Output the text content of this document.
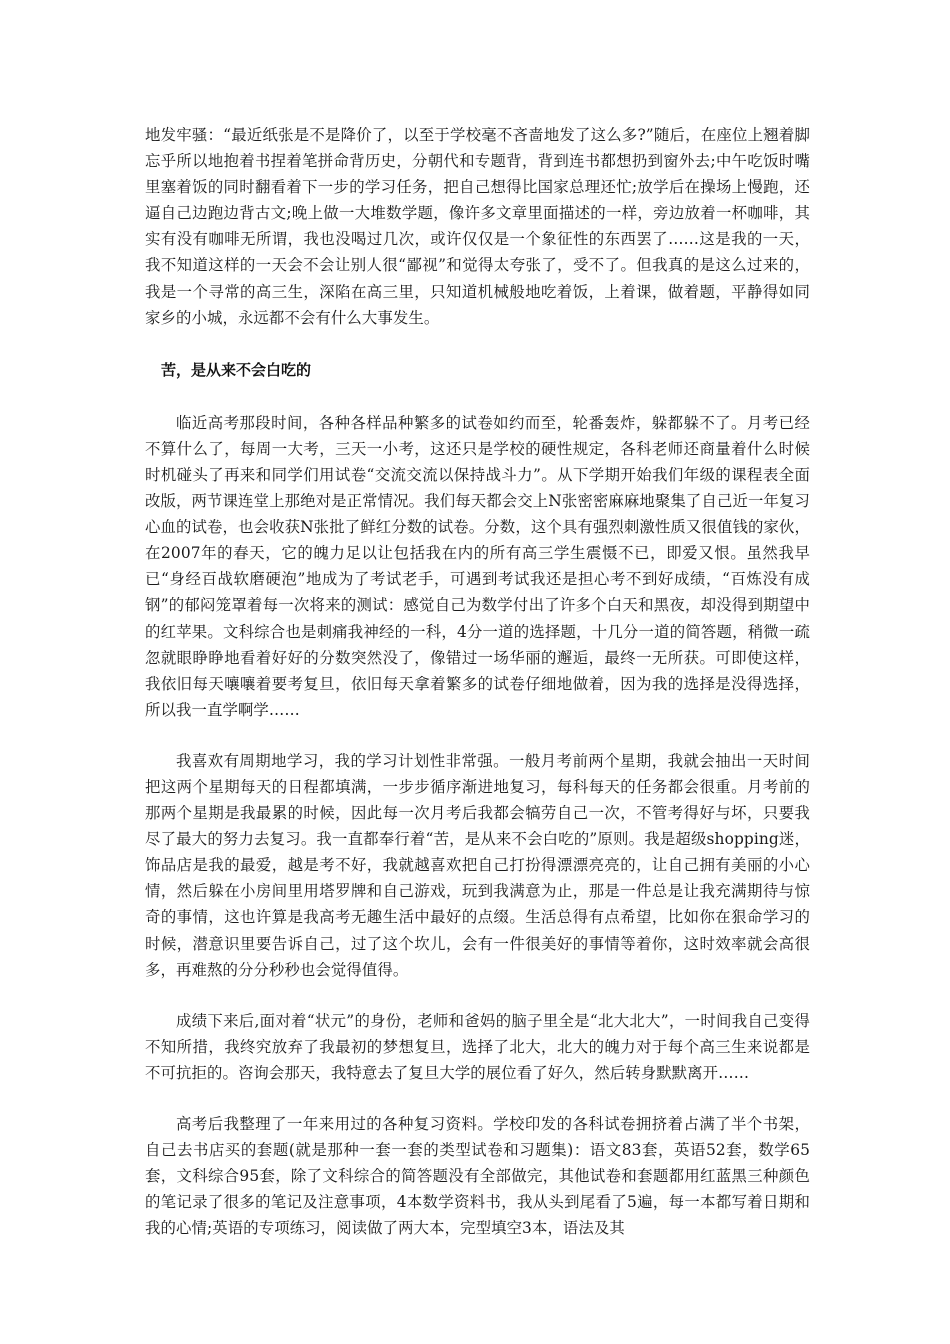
地发牢骚：“最近纸张是不是降价了，以至于学校毫不吝啬地发了这么多?”随后，在座位上翘着脚忘乎所以地抱着书捏着笔拼命背历史，分朝代和专题背，背到连书都想扔到窗外去;中午吃饭时嘴里塞着饭的同时翻看着下一步的学习任务，把自己想得比国家总理还忙;放学后在操场上慢跑，还逼自己边跑边背古文;晚上做一大堆数学题，像许多文章里面描述的一样，旁边放着一杯咖啡，其实有没有咖啡无所谓，我也没喝过几次，或许仅仅是一个象征性的东西罢了……这是我的一天，我不知道这样的一天会不会让别人很“鄙视”和觉得太夸张了，受不了。但我真的是这么过来的，我是一个寻常的高三生，深陷在高三里，只知道机械般地吃着饭，上着课，做着题，平静得如同家乡的小城，永远都不会有什么大事发生。

苦，是从来不会白吃的

临近高考那段时间，各种各样品种繁多的试卷如约而至，轮番轰炸，躲都躲不了。月考已经不算什么了，每周一大考，三天一小考，这还只是学校的硬性规定，各科老师还商量着什么时候时机碰头了再来和同学们用试卷“交流交流以保持战斗力”。从下学期开始我们年级的课程表全面改版，两节课连堂上那绝对是正常情况。我们每天都会交上N张密密麻麻地聚集了自己近一年复习心血的试卷，也会收获N张批了鲜红分数的试卷。分数，这个具有强烈刺激性质又很值钱的家伙，在2007年的春天，它的魄力足以让包括我在内的所有高三学生震慑不已，即爱又恨。虽然我早已“身经百战软磨硬泡”地成为了考试老手，可遇到考试我还是担心考不到好成绩，“百炼没有成钢”的郁闷笼罩着每一次将来的测试：感觉自己为数学付出了许多个白天和黑夜，却没得到期望中的红苹果。文科综合也是刺痛我神经的一科，4分一道的选择题，十几分一道的简答题，稍微一疏忽就眼睁睁地看着好好的分数突然没了，像错过一场华丽的邂逅，最终一无所获。可即使这样，我依旧每天嚷嚷着要考复旦，依旧每天拿着繁多的试卷仔细地做着，因为我的选择是没得选择，所以我一直学啊学……

我喜欢有周期地学习，我的学习计划性非常强。一般月考前两个星期，我就会抽出一天时间把这两个星期每天的日程都填满，一步步循序渐进地复习，每科每天的任务都会很重。月考前的那两个星期是我最累的时候，因此每一次月考后我都会犒劳自己一次，不管考得好与坏，只要我尽了最大的努力去复习。我一直都奉行着“苦，是从来不会白吃的”原则。我是超级shopping迷，饰品店是我的最爱，越是考不好，我就越喜欢把自己打扮得漂漂亮亮的，让自己拥有美丽的小心情，然后躲在小房间里用塔罗牌和自己游戏，玩到我满意为止，那是一件总是让我充满期待与惊奇的事情，这也许算是我高考无趣生活中最好的点缀。生活总得有点希望，比如你在狠命学习的时候，潜意识里要告诉自己，过了这个坎儿，会有一件很美好的事情等着你，这时效率就会高很多，再难熬的分分秒秒也会觉得值得。

成绩下来后,面对着“状元”的身份，老师和爸妈的脑子里全是“北大北大”，一时间我自己变得不知所措，我终究放弃了我最初的梦想复旦，选择了北大，北大的魄力对于每个高三生来说都是不可抗拒的。咨询会那天，我特意去了复旦大学的展位看了好久，然后转身默默离开……

高考后我整理了一年来用过的各种复习资料。学校印发的各科试卷拥挤着占满了半个书架，自己去书店买的套题(就是那种一套一套的类型试卷和习题集)：语文83套，英语52套，数学65套，文科综合95套，除了文科综合的简答题没有全部做完，其他试卷和套题都用红蓝黑三种颜色的笔记录了很多的笔记及注意事项，4本数学资料书，我从头到尾看了5遍，每一本都写着日期和我的心情;英语的专项练习，阅读做了两大本，完型填空3本，语法及其
